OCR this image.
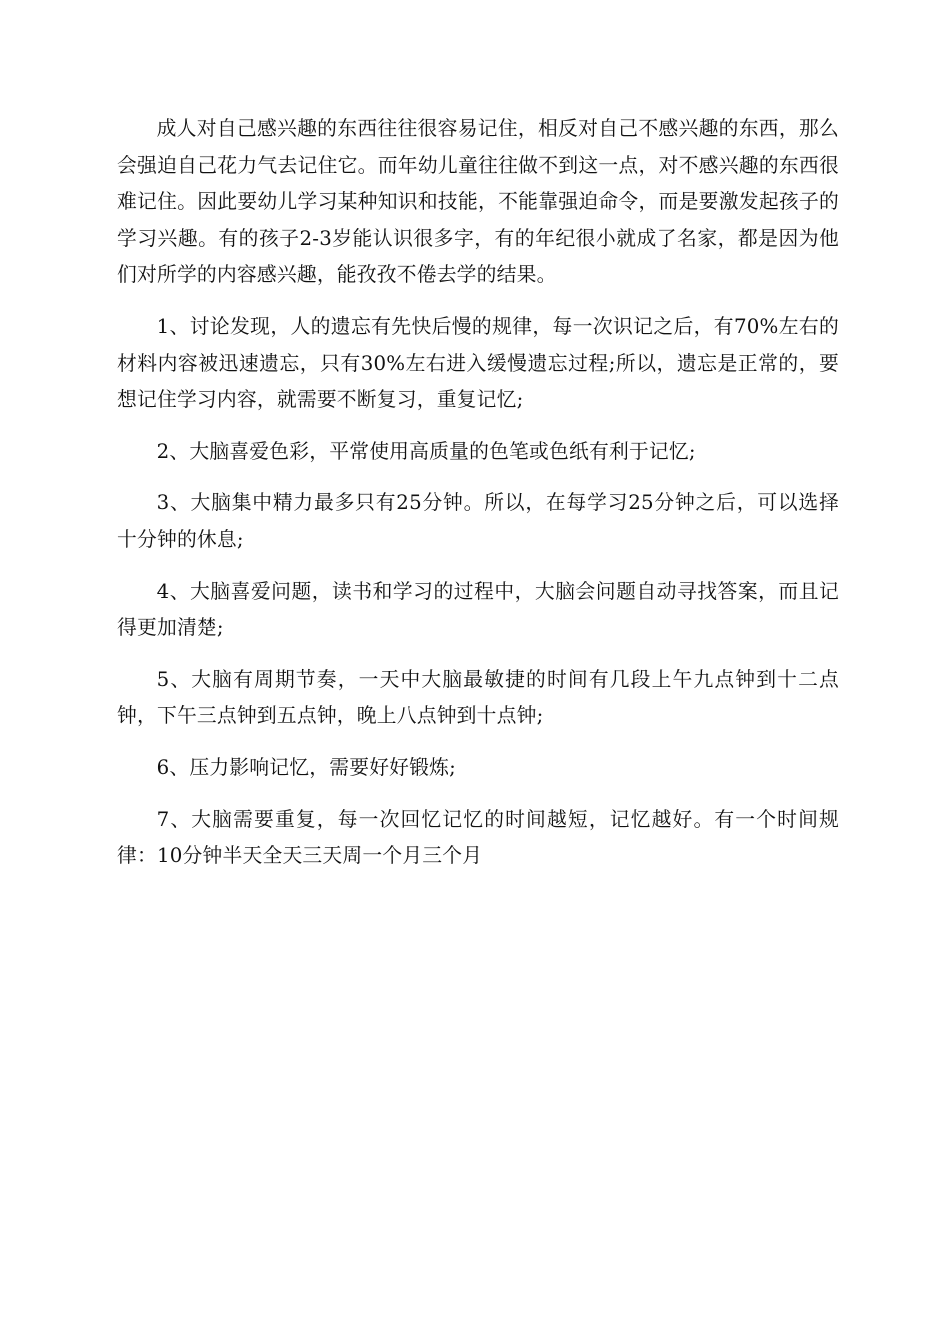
成人对自己感兴趣的东西往往很容易记住，相反对自己不感兴趣的东西，那么会强迫自己花力气去记住它。而年幼儿童往往做不到这一点，对不感兴趣的东西很难记住。因此要幼儿学习某种知识和技能，不能靠强迫命令，而是要激发起孩子的学习兴趣。有的孩子2-3岁能认识很多字，有的年纪很小就成了名家，都是因为他们对所学的内容感兴趣，能孜孜不倦去学的结果。

1、讨论发现，人的遗忘有先快后慢的规律，每一次识记之后，有70%左右的材料内容被迅速遗忘，只有30%左右进入缓慢遗忘过程;所以，遗忘是正常的，要想记住学习内容，就需要不断复习，重复记忆;

2、大脑喜爱色彩，平常使用高质量的色笔或色纸有利于记忆;

3、大脑集中精力最多只有25分钟。所以，在每学习25分钟之后，可以选择十分钟的休息;

4、大脑喜爱问题，读书和学习的过程中，大脑会问题自动寻找答案，而且记得更加清楚;

5、大脑有周期节奏，一天中大脑最敏捷的时间有几段上午九点钟到十二点钟，下午三点钟到五点钟，晚上八点钟到十点钟;

6、压力影响记忆，需要好好锻炼;

7、大脑需要重复，每一次回忆记忆的时间越短，记忆越好。有一个时间规律：10分钟半天全天三天周一个月三个月
